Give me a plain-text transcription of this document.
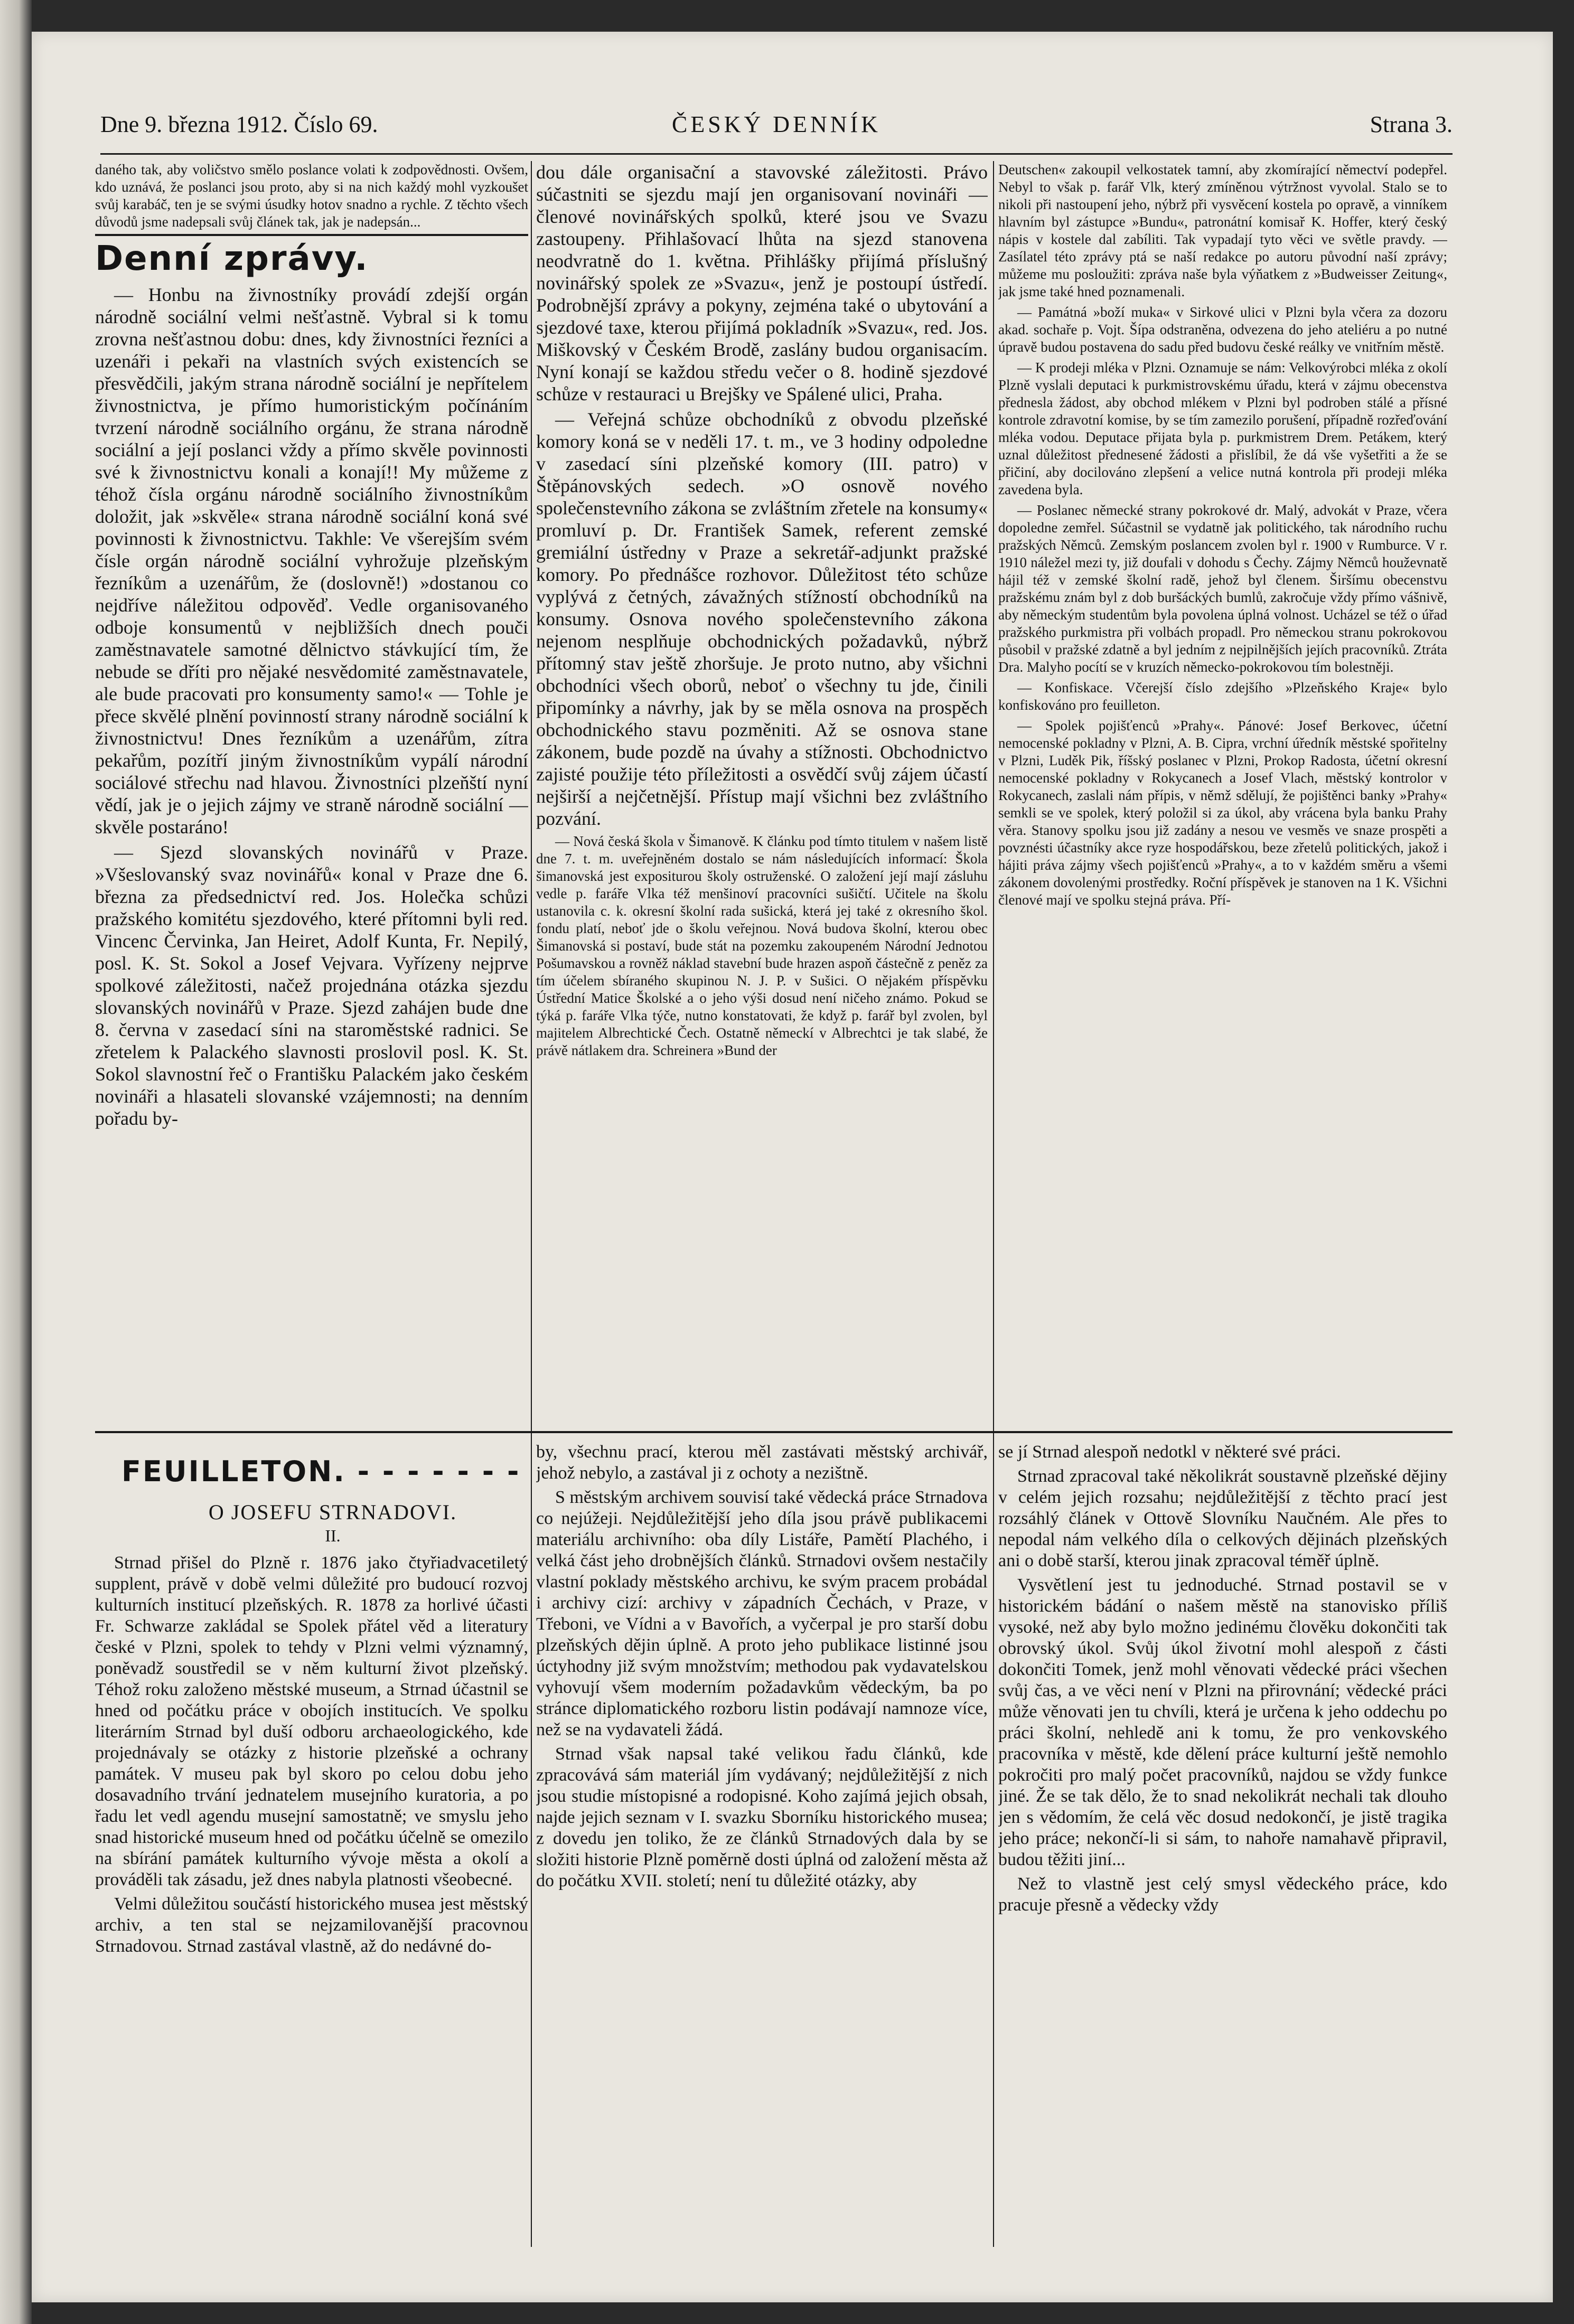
Dne 9. března 1912. Číslo 69.	ČESKÝ DENNÍK	Strana 3.

daného tak, aby voličstvo smělo poslance volati k zodpovědnosti. Ovšem, kdo uznává, že poslanci jsou proto, aby si na nich každý mohl vyzkoušet svůj karabáč, ten je se svými úsudky hotov snadno a rychle. Z těchto všech důvodů jsme nadepsali svůj článek tak, jak je nadepsán...

Denní zprávy.

— Honbu na živnostníky provádí zdejší orgán národně sociální velmi nešťastně. Vybral si k tomu zrovna nešťastnou dobu: dnes, kdy živnostníci řezníci a uzenáři i pekaři na vlastních svých existencích se přesvědčili, jakým strana národně sociální je nepřítelem živnostnictva, je přímo humoristickým počínáním tvrzení národně sociálního orgánu, že strana národně sociální a její poslanci vždy a přímo skvěle povinnosti své k živnostnictvu konali a konají!! My můžeme z téhož čísla orgánu národně sociálního živnostníkům doložit, jak »skvěle« strana národně sociální koná své povinnosti k živnostnictvu. Takhle: Ve všerejším svém čísle orgán národně sociální vyhrožuje plzeňským řezníkům a uzenářům, že (doslovně!) »dostanou co nejdříve náležitou odpověď. Vedle organisovaného odboje konsumentů v nejbližších dnech pouči zaměstnavatele samotné dělnictvo stávkující tím, že nebude se dříti pro nějaké nesvědomité zaměstnavatele, ale bude pracovati pro konsumenty samo!« — Tohle je přece skvělé plnění povinností strany národně sociální k živnostnictvu! Dnes řezníkům a uzenářům, zítra pekařům, pozítří jiným živnostníkům vypálí národní sociálové střechu nad hlavou. Živnostníci plzeňští nyní vědí, jak je o jejich zájmy ve straně národně sociální — skvěle postaráno!

— Sjezd slovanských novinářů v Praze. »Všeslovanský svaz novinářů« konal v Praze dne 6. března za předsednictví red. Jos. Holečka schůzi pražského komitétu sjezdového, které přítomni byli red. Vincenc Červinka, Jan Heiret, Adolf Kunta, Fr. Nepilý, posl. K. St. Sokol a Josef Vejvara. Vyřízeny nejprve spolkové záležitosti, načež projednána otázka sjezdu slovanských novinářů v Praze. Sjezd zahájen bude dne 8. června v zasedací síni na staroměstské radnici. Se zřetelem k Palackého slavnosti proslovil posl. K. St. Sokol slavnostní řeč o Františku Palackém jako českém novináři a hlasateli slovanské vzájemnosti; na denním pořadu by-

dou dále organisační a stavovské záležitosti. Právo súčastniti se sjezdu mají jen organisovaní novináři — členové novinářských spolků, které jsou ve Svazu zastoupeny. Přihlašovací lhůta na sjezd stanovena neodvratně do 1. května. Přihlášky přijímá příslušný novinářský spolek ze »Svazu«, jenž je postoupí ústředí. Podrobnější zprávy a pokyny, zejména také o ubytování a sjezdové taxe, kterou přijímá pokladník »Svazu«, red. Jos. Miškovský v Českém Brodě, zaslány budou organisacím. Nyní konají se každou středu večer o 8. hodině sjezdové schůze v restauraci u Brejšky ve Spálené ulici, Praha.

— Veřejná schůze obchodníků z obvodu plzeňské komory koná se v neděli 17. t. m., ve 3 hodiny odpoledne v zasedací síni plzeňské komory (III. patro) v Štěpánovských sedech. »O osnově nového společenstevního zákona se zvláštním zřetele na konsumy« promluví p. Dr. František Samek, referent zemské gremiální ústředny v Praze a sekretář-adjunkt pražské komory. Po přednášce rozhovor. Důležitost této schůze vyplývá z četných, závažných stížností obchodníků na konsumy. Osnova nového společenstevního zákona nejenom nesplňuje obchodnických požadavků, nýbrž přítomný stav ještě zhoršuje. Je proto nutno, aby všichni obchodníci všech oborů, neboť o všechny tu jde, činili připomínky a návrhy, jak by se měla osnova na prospěch obchodnického stavu pozměniti. Až se osnova stane zákonem, bude pozdě na úvahy a stížnosti. Obchodnictvo zajisté použije této příležitosti a osvědčí svůj zájem účastí nejširší a nejčetnější. Přístup mají všichni bez zvláštního pozvání.

— Nová česká škola v Šimanově. K článku pod tímto titulem v našem listě dne 7. t. m. uveřejněném dostalo se nám následujících informací: Škola šimanovská jest expositurou školy ostruženské. O založení její mají zásluhu vedle p. faráře Vlka též menšinoví pracovníci sušičtí. Učitele na školu ustanovila c. k. okresní školní rada sušická, která jej také z okresního škol. fondu platí, neboť jde o školu veřejnou. Nová budova školní, kterou obec Šimanovská si postaví, bude stát na pozemku zakoupeném Národní Jednotou Pošumavskou a rovněž náklad stavební bude hrazen aspoň částečně z peněz za tím účelem sbíraného skupinou N. J. P. v Sušici. O nějakém příspěvku Ústřední Matice Školské a o jeho výši dosud není ničeho známo. Pokud se týká p. faráře Vlka týče, nutno konstatovati, že když p. farář byl zvolen, byl majitelem Albrechtické Čech. Ostatně německí v Albrechtci je tak slabé, že právě nátlakem dra. Schreinera »Bund der

Deutschen« zakoupil velkostatek tamní, aby zkomírající němectví podepřel. Nebyl to však p. farář Vlk, který zmíněnou výtržnost vyvolal. Stalo se to nikoli při nastoupení jeho, nýbrž při vysvěcení kostela po opravě, a vinníkem hlavním byl zástupce »Bundu«, patronátní komisař K. Hoffer, který český nápis v kostele dal zabíliti. Tak vypadají tyto věci ve světle pravdy. — Zasílatel této zprávy ptá se naší redakce po autoru původní naší zprávy; můžeme mu posloužiti: zpráva naše byla výňatkem z »Budweisser Zeitung«, jak jsme také hned poznamenali.

— Památná »boží muka« v Sirkové ulici v Plzni byla včera za dozoru akad. sochaře p. Vojt. Šípa odstraněna, odvezena do jeho ateliéru a po nutné úpravě budou postavena do sadu před budovu české reálky ve vnitřním městě.

— K prodeji mléka v Plzni. Oznamuje se nám: Velkovýrobci mléka z okolí Plzně vyslali deputaci k purkmistrovskému úřadu, která v zájmu obecenstva přednesla žádost, aby obchod mlékem v Plzni byl podroben stálé a přísné kontrole zdravotní komise, by se tím zamezilo porušení, případně rozřeďování mléka vodou. Deputace přijata byla p. purkmistrem Drem. Petákem, který uznal důležitost přednesené žádosti a přislíbil, že dá vše vyšetřiti a že se přičiní, aby docilováno zlepšení a velice nutná kontrola při prodeji mléka zavedena byla.

— Poslanec německé strany pokrokové dr. Malý, advokát v Praze, včera dopoledne zemřel. Súčastnil se vydatně jak politického, tak národního ruchu pražských Němců. Zemským poslancem zvolen byl r. 1900 v Rumburce. V r. 1910 náležel mezi ty, již doufali v dohodu s Čechy. Zájmy Němců houževnatě hájil též v zemské školní radě, jehož byl členem. Širšímu obecenstvu pražskému znám byl z dob buršáckých bumlů, zakročuje vždy přímo vášnivě, aby německým studentům byla povolena úplná volnost. Ucházel se též o úřad pražského purkmistra při volbách propadl. Pro německou stranu pokrokovou působil v pražské zdatně a byl jedním z nejpilnějších jejích pracovníků. Ztráta Dra. Malyho pocítí se v kruzích německo-pokrokovou tím bolestněji.

— Konfiskace. Včerejší číslo zdejšího »Plzeňského Kraje« bylo konfiskováno pro feuilleton.

— Spolek pojišťenců »Prahy«. Pánové: Josef Berkovec, účetní nemocenské pokladny v Plzni, A. B. Cipra, vrchní úředník městské spořitelny v Plzni, Luděk Pik, říšský poslanec v Plzni, Prokop Radosta, účetní okresní nemocenské pokladny v Rokycanech a Josef Vlach, městský kontrolor v Rokycanech, zaslali nám přípis, v němž sdělují, že pojištěnci banky »Prahy« semkli se ve spolek, který položil si za úkol, aby vrácena byla banku Prahy věra. Stanovy spolku jsou již zadány a nesou ve vesměs ve snaze prospěti a povznésti účastníky akce ryze hospodářskou, beze zřetelů politických, jakož i hájiti práva zájmy všech pojišťenců »Prahy«, a to v každém směru a všemi zákonem dovolenými prostředky. Roční příspěvek je stanoven na 1 K. Všichni členové mají ve spolku stejná práva. Pří-

FEUILLETON. - - - - - - -
O JOSEFU STRNADOVI.
II.

Strnad přišel do Plzně r. 1876 jako čtyřiadvacetiletý supplent, právě v době velmi důležité pro budoucí rozvoj kulturních institucí plzeňských. R. 1878 za horlivé účasti Fr. Schwarze zakládal se Spolek přátel věd a literatury české v Plzni, spolek to tehdy v Plzni velmi významný, poněvadž soustředil se v něm kulturní život plzeňský. Téhož roku založeno městské museum, a Strnad účastnil se hned od počátku práce v obojích institucích. Ve spolku literárním Strnad byl duší odboru archaeologického, kde projednávaly se otázky z historie plzeňské a ochrany památek. V museu pak byl skoro po celou dobu jeho dosavadního trvání jednatelem musejního kuratoria, a po řadu let vedl agendu musejní samostatně; ve smyslu jeho snad historické museum hned od počátku účelně se omezilo na sbírání památek kulturního vývoje města a okolí a prováděli tak zásadu, jež dnes nabyla platnosti všeobecné.

Velmi důležitou součástí historického musea jest městský archiv, a ten stal se nejzamilovanější pracovnou Strnadovou. Strnad zastával vlastně, až do nedávné do-

by, všechnu prací, kterou měl zastávati městský archivář, jehož nebylo, a zastával ji z ochoty a nezištně.

S městským archivem souvisí také vědecká práce Strnadova co nejúžeji. Nejdůležitější jeho díla jsou právě publikacemi materiálu archivního: oba díly Listáře, Pamětí Plachého, i velká část jeho drobnějších článků. Strnadovi ovšem nestačily vlastní poklady městského archivu, ke svým pracem probádal i archivy cizí: archivy v západních Čechách, v Praze, v Třeboni, ve Vídni a v Bavořích, a vyčerpal je pro starší dobu plzeňských dějin úplně. A proto jeho publikace listinné jsou úctyhodny již svým množstvím; methodou pak vydavatelskou vyhovují všem moderním požadavkům vědeckým, ba po stránce diplomatického rozboru listin podávají namnoze více, než se na vydavateli žádá.

Strnad však napsal také velikou řadu článků, kde zpracovává sám materiál jím vydávaný; nejdůležitější z nich jsou studie místopisné a rodopisné. Koho zajímá jejich obsah, najde jejich seznam v I. svazku Sborníku historického musea; z dovedu jen toliko, že ze článků Strnadových dala by se složiti historie Plzně poměrně dosti úplná od založení města až do počátku XVII. století; není tu důležité otázky, aby

se jí Strnad alespoň nedotkl v některé své práci.

Strnad zpracoval také několikrát soustavně plzeňské dějiny v celém jejich rozsahu; nejdůležitější z těchto prací jest rozsáhlý článek v Ottově Slovníku Naučném. Ale přes to nepodal nám velkého díla o celkových dějinách plzeňských ani o době starší, kterou jinak zpracoval téměř úplně.

Vysvětlení jest tu jednoduché. Strnad postavil se v historickém bádání o našem městě na stanovisko příliš vysoké, než aby bylo možno jedinému člověku dokončiti tak obrovský úkol. Svůj úkol životní mohl alespoň z části dokončiti Tomek, jenž mohl věnovati vědecké práci všechen svůj čas, a ve věci není v Plzni na přirovnání; vědecké práci může věnovati jen tu chvíli, která je určena k jeho oddechu po práci školní, nehledě ani k tomu, že pro venkovského pracovníka v městě, kde dělení práce kulturní ještě nemohlo pokročiti pro malý počet pracovníků, najdou se vždy funkce jiné. Že se tak dělo, že to snad nekolikrát nechali tak dlouho jen s vědomím, že celá věc dosud nedokončí, je jistě tragika jeho práce; nekončí-li si sám, to nahoře namahavě připravil, budou těžiti jiní...

Než to vlastně jest celý smysl vědeckého práce, kdo pracuje přesně a vědecky vždy
